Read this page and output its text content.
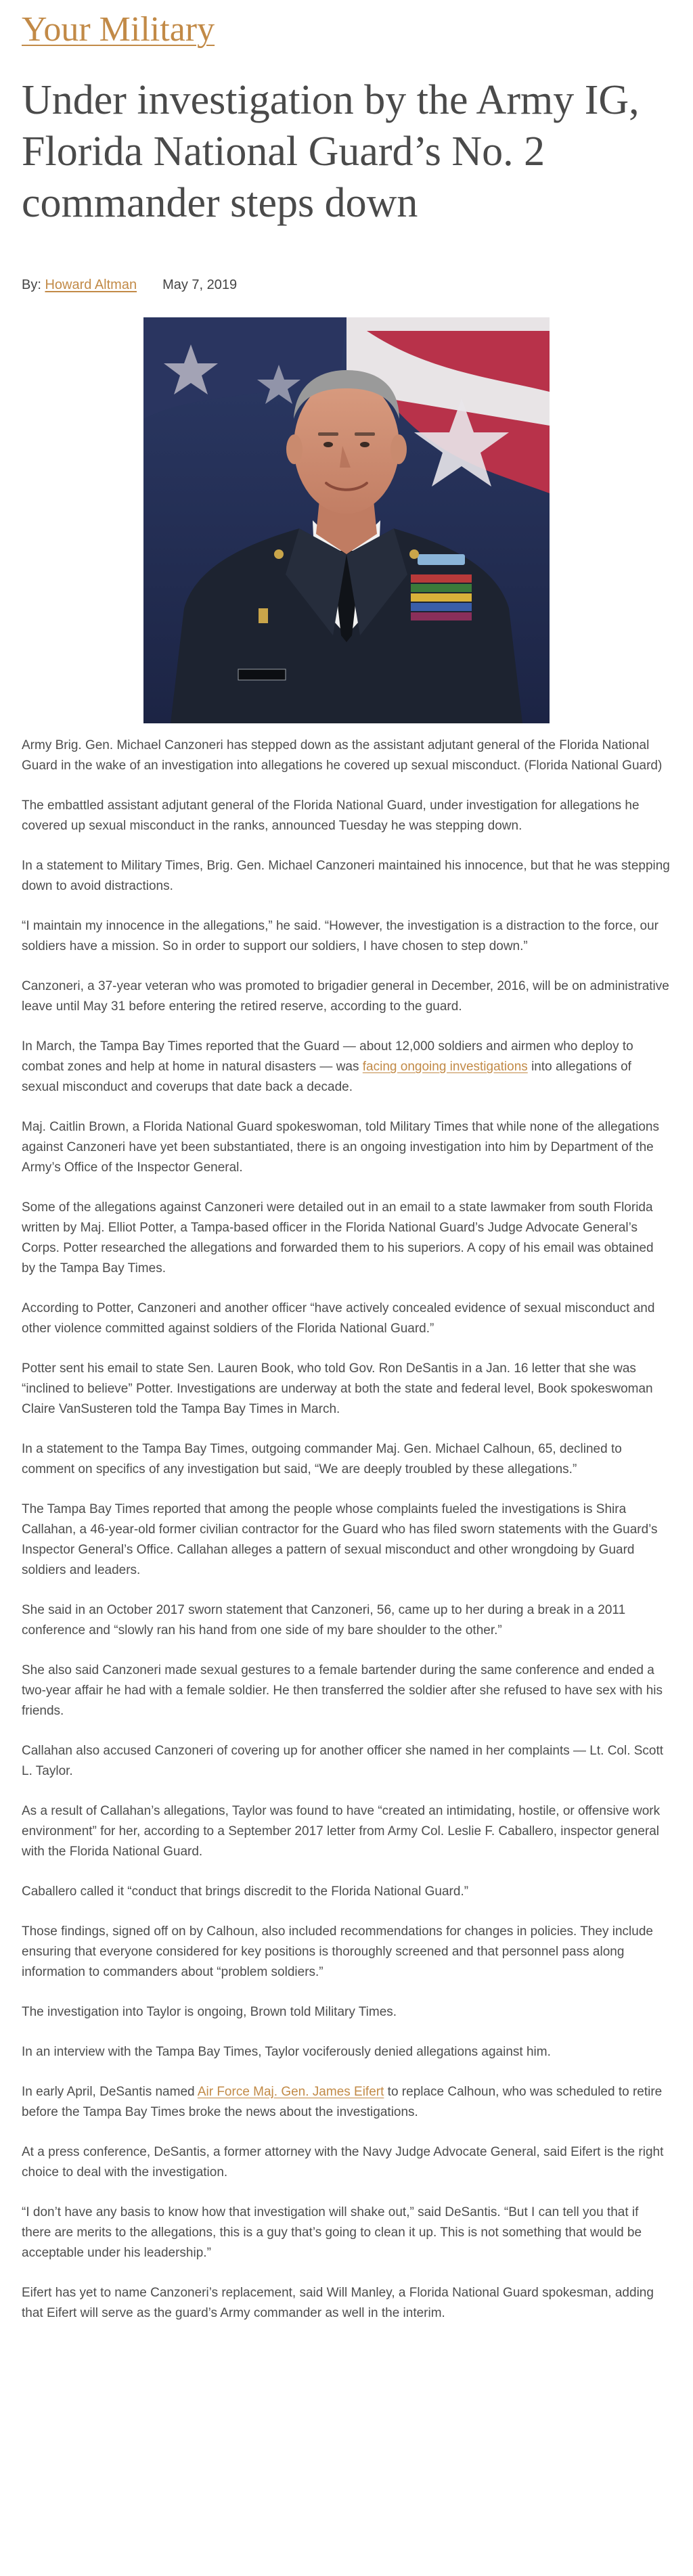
Your Military
Under investigation by the Army IG, Florida National Guard’s No. 2 commander steps down
By: Howard Altman May 7, 2019

Army Brig. Gen. Michael Canzoneri has stepped down as the assistant adjutant general of the Florida National Guard in the wake of an investigation into allegations he covered up sexual misconduct. (Florida National Guard)

The embattled assistant adjutant general of the Florida National Guard, under investigation for allegations he covered up sexual misconduct in the ranks, announced Tuesday he was stepping down.

In a statement to Military Times, Brig. Gen. Michael Canzoneri maintained his innocence, but that he was stepping down to avoid distractions.

“I maintain my innocence in the allegations,” he said. “However, the investigation is a distraction to the force, our soldiers have a mission. So in order to support our soldiers, I have chosen to step down.”

Canzoneri, a 37-year veteran who was promoted to brigadier general in December, 2016, will be on administrative leave until May 31 before entering the retired reserve, according to the guard.

In March, the Tampa Bay Times reported that the Guard — about 12,000 soldiers and airmen who deploy to combat zones and help at home in natural disasters — was facing ongoing investigations into allegations of sexual misconduct and coverups that date back a decade.

Maj. Caitlin Brown, a Florida National Guard spokeswoman, told Military Times that while none of the allegations against Canzoneri have yet been substantiated, there is an ongoing investigation into him by Department of the Army’s Office of the Inspector General.

Some of the allegations against Canzoneri were detailed out in an email to a state lawmaker from south Florida written by Maj. Elliot Potter, a Tampa-based officer in the Florida National Guard’s Judge Advocate General’s Corps. Potter researched the allegations and forwarded them to his superiors. A copy of his email was obtained by the Tampa Bay Times.

According to Potter, Canzoneri and another officer “have actively concealed evidence of sexual misconduct and other violence committed against soldiers of the Florida National Guard.”

Potter sent his email to state Sen. Lauren Book, who told Gov. Ron DeSantis in a Jan. 16 letter that she was “inclined to believe” Potter. Investigations are underway at both the state and federal level, Book spokeswoman Claire VanSusteren told the Tampa Bay Times in March.

In a statement to the Tampa Bay Times, outgoing commander Maj. Gen. Michael Calhoun, 65, declined to comment on specifics of any investigation but said, “We are deeply troubled by these allegations.”

The Tampa Bay Times reported that among the people whose complaints fueled the investigations is Shira Callahan, a 46-year-old former civilian contractor for the Guard who has filed sworn statements with the Guard’s Inspector General’s Office. Callahan alleges a pattern of sexual misconduct and other wrongdoing by Guard soldiers and leaders.

She said in an October 2017 sworn statement that Canzoneri, 56, came up to her during a break in a 2011 conference and “slowly ran his hand from one side of my bare shoulder to the other.”

She also said Canzoneri made sexual gestures to a female bartender during the same conference and ended a two-year affair he had with a female soldier. He then transferred the soldier after she refused to have sex with his friends.

Callahan also accused Canzoneri of covering up for another officer she named in her complaints — Lt. Col. Scott L. Taylor.

As a result of Callahan’s allegations, Taylor was found to have “created an intimidating, hostile, or offensive work environment” for her, according to a September 2017 letter from Army Col. Leslie F. Caballero, inspector general with the Florida National Guard.

Caballero called it “conduct that brings discredit to the Florida National Guard.”

Those findings, signed off on by Calhoun, also included recommendations for changes in policies. They include ensuring that everyone considered for key positions is thoroughly screened and that personnel pass along information to commanders about “problem soldiers.”

The investigation into Taylor is ongoing, Brown told Military Times.

In an interview with the Tampa Bay Times, Taylor vociferously denied allegations against him.

In early April, DeSantis named Air Force Maj. Gen. James Eifert to replace Calhoun, who was scheduled to retire before the Tampa Bay Times broke the news about the investigations.

At a press conference, DeSantis, a former attorney with the Navy Judge Advocate General, said Eifert is the right choice to deal with the investigation.

“I don’t have any basis to know how that investigation will shake out,” said DeSantis. “But I can tell you that if there are merits to the allegations, this is a guy that’s going to clean it up. This is not something that would be acceptable under his leadership.”

Eifert has yet to name Canzoneri’s replacement, said Will Manley, a Florida National Guard spokesman, adding that Eifert will serve as the guard’s Army commander as well in the interim.
